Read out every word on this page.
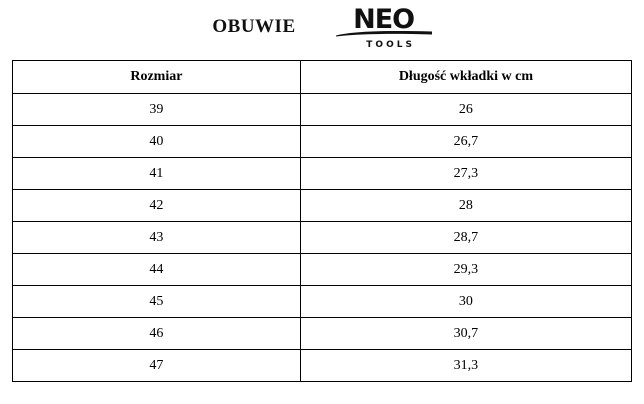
OBUWIE NEO
TOOLS
Rozmiar	Długość wkładki w cm
39	26
40	26,7
41	27,3
42	28
43	28,7
44	29,3
45	30
46	30,7
47	31,3
